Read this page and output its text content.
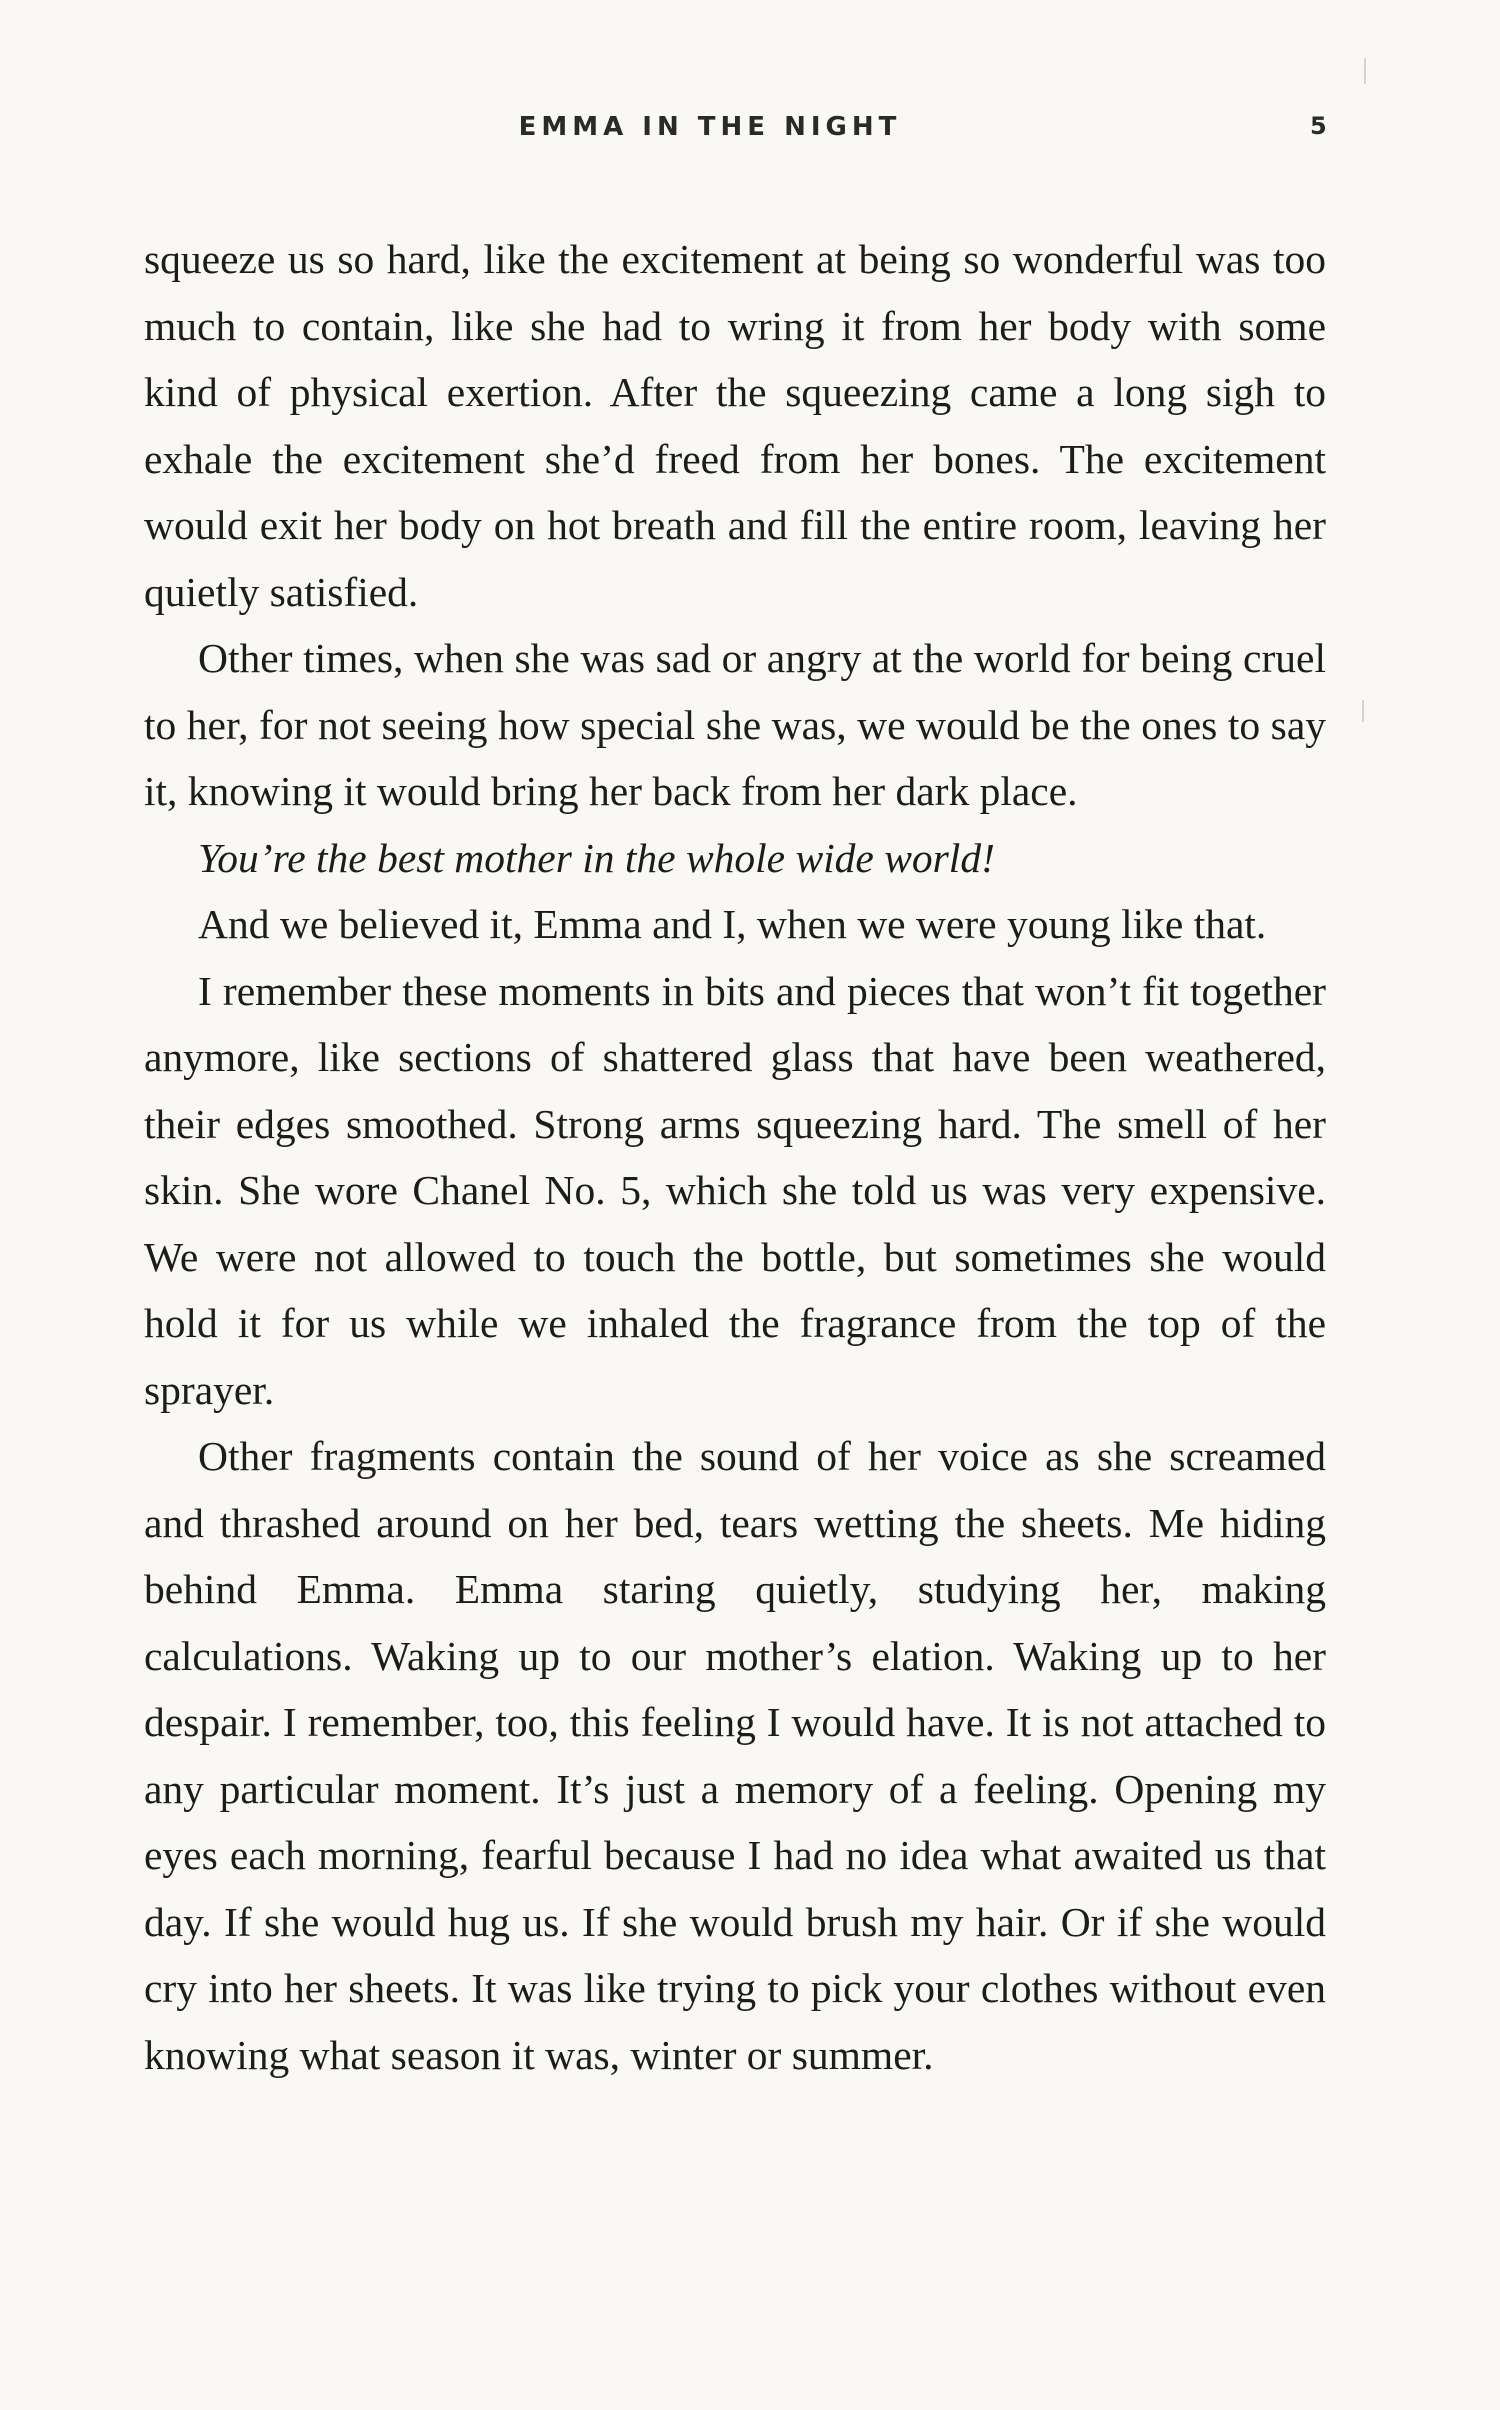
EMMA IN THE NIGHT	5

squeeze us so hard, like the excitement at being so wonderful was too much to contain, like she had to wring it from her body with some kind of physical exertion. After the squeezing came a long sigh to exhale the excitement she’d freed from her bones. The excitement would exit her body on hot breath and fill the entire room, leaving her quietly satisfied.

Other times, when she was sad or angry at the world for being cruel to her, for not seeing how special she was, we would be the ones to say it, knowing it would bring her back from her dark place.

You’re the best mother in the whole wide world!

And we believed it, Emma and I, when we were young like that.

I remember these moments in bits and pieces that won’t fit together anymore, like sections of shattered glass that have been weathered, their edges smoothed. Strong arms squeezing hard. The smell of her skin. She wore Chanel No. 5, which she told us was very expensive. We were not allowed to touch the bottle, but sometimes she would hold it for us while we inhaled the fragrance from the top of the sprayer.

Other fragments contain the sound of her voice as she screamed and thrashed around on her bed, tears wetting the sheets. Me hiding behind Emma. Emma staring quietly, studying her, making calculations. Waking up to our mother’s elation. Waking up to her despair. I remember, too, this feeling I would have. It is not attached to any particular moment. It’s just a memory of a feeling. Opening my eyes each morning, fearful because I had no idea what awaited us that day. If she would hug us. If she would brush my hair. Or if she would cry into her sheets. It was like trying to pick your clothes without even knowing what season it was, winter or summer.
